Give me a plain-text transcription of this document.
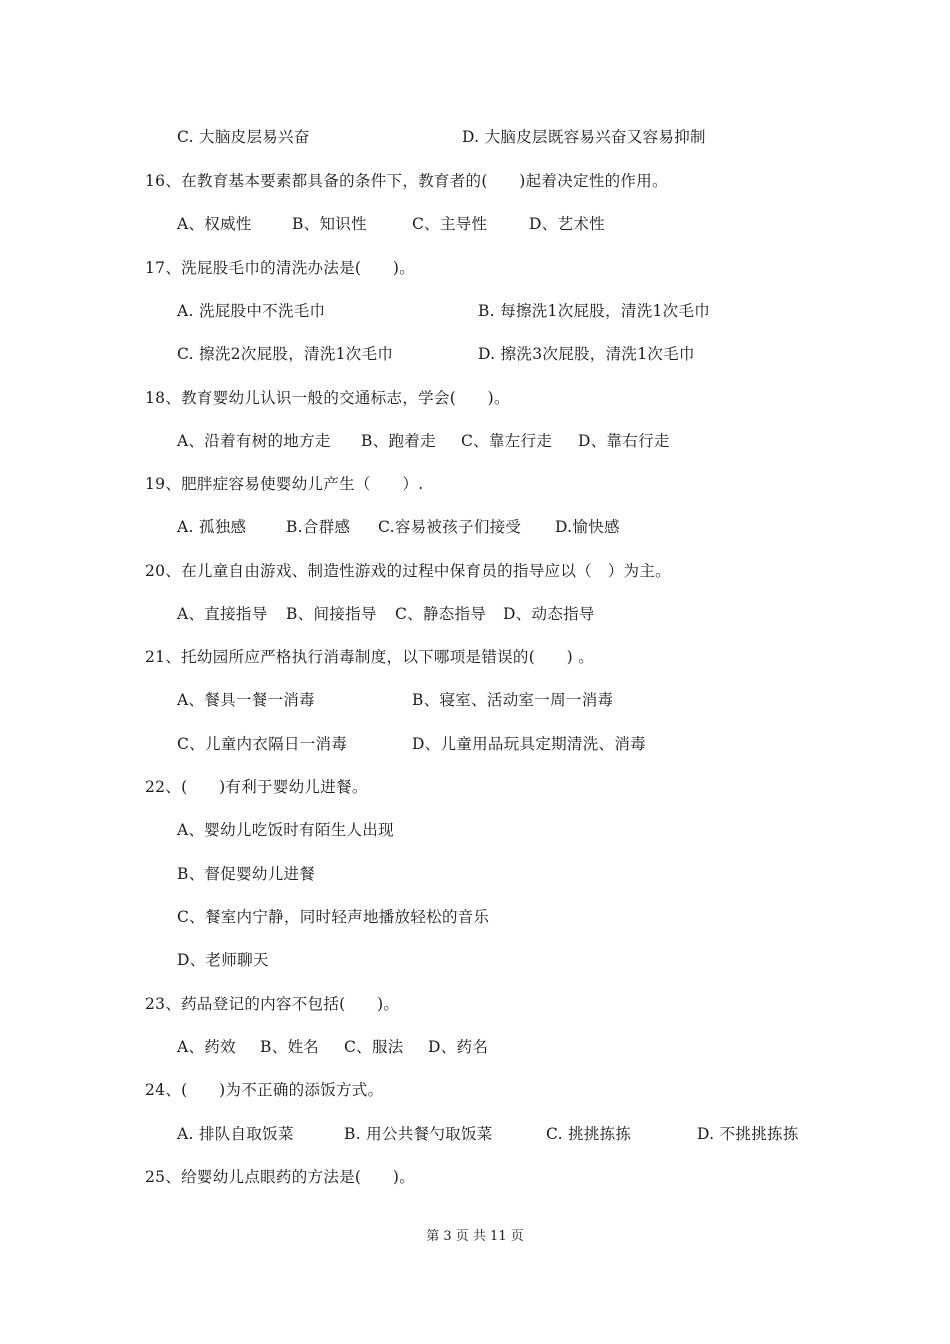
C. 大脑皮层易兴奋	D. 大脑皮层既容易兴奋又容易抑制
16、在教育基本要素都具备的条件下，教育者的(　　)起着决定性的作用。
A、权威性	B、知识性	C、主导性	D、艺术性
17、洗屁股毛巾的清洗办法是(　　)。
A. 洗屁股中不洗毛巾	B. 每擦洗1次屁股，清洗1次毛巾
C. 擦洗2次屁股，清洗1次毛巾	D. 擦洗3次屁股，清洗1次毛巾
18、教育婴幼儿认识一般的交通标志，学会(　　)。
A、沿着有树的地方走 B、跑着走 C、靠左行走 D、靠右行走
19、肥胖症容易使婴幼儿产生（　　）.
A. 孤独感	B.合群感 C.容易被孩子们接受 D.愉快感
20、在儿童自由游戏、制造性游戏的过程中保育员的指导应以（　）为主。
A、直接指导 B、间接指导 C、静态指导 D、动态指导
21、托幼园所应严格执行消毒制度，以下哪项是错误的(　　) 。
A、餐具一餐一消毒	B、寝室、活动室一周一消毒
C、儿童内衣隔日一消毒	D、儿童用品玩具定期清洗、消毒
22、(　　)有利于婴幼儿进餐。
A、婴幼儿吃饭时有陌生人出现
B、督促婴幼儿进餐
C、餐室内宁静，同时轻声地播放轻松的音乐
D、老师聊天
23、药品登记的内容不包括(　　)。
A、药效 B、姓名 C、服法 D、药名
24、(　　)为不正确的添饭方式。
A. 排队自取饭菜	B. 用公共餐勺取饭菜	C. 挑挑拣拣	D. 不挑挑拣拣
25、给婴幼儿点眼药的方法是(　　)。
第 3 页 共 11 页
